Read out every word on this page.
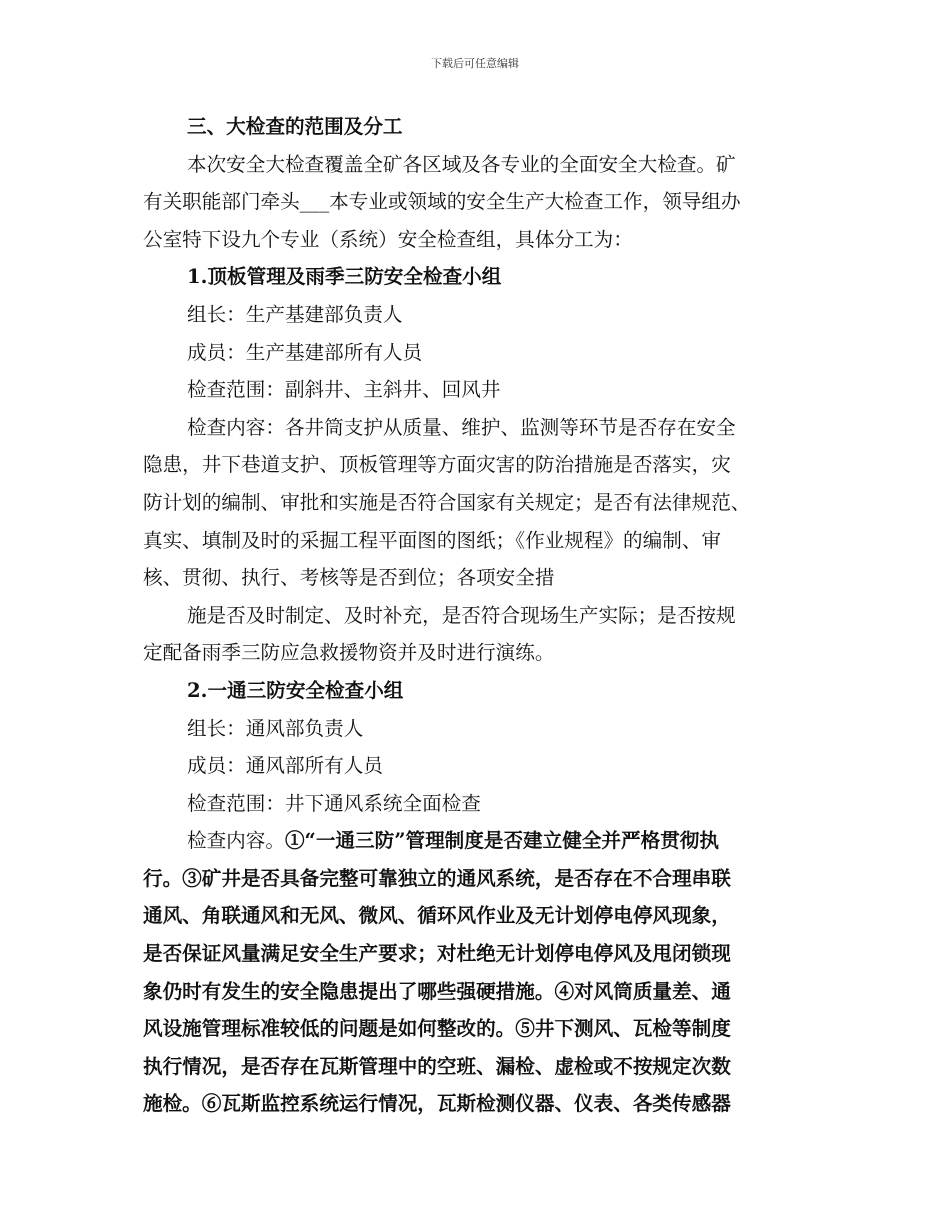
下载后可任意编辑
三、大检查的范围及分工
本次安全大检查覆盖全矿各区域及各专业的全面安全大检查。矿
有关职能部门牵头___本专业或领域的安全生产大检查工作，领导组办
公室特下设九个专业（系统）安全检查组，具体分工为：
1.顶板管理及雨季三防安全检查小组
组长：生产基建部负责人
成员：生产基建部所有人员
检查范围：副斜井、主斜井、回风井
检查内容：各井筒支护从质量、维护、监测等环节是否存在安全
隐患，井下巷道支护、顶板管理等方面灾害的防治措施是否落实，灾
防计划的编制、审批和实施是否符合国家有关规定；是否有法律规范、
真实、填制及时的采掘工程平面图的图纸；《作业规程》的编制、审
核、贯彻、执行、考核等是否到位；各项安全措
施是否及时制定、及时补充，是否符合现场生产实际；是否按规
定配备雨季三防应急救援物资并及时进行演练。
2.一通三防安全检查小组
组长：通风部负责人
成员：通风部所有人员
检查范围：井下通风系统全面检查
检查内容。①“一通三防”管理制度是否建立健全并严格贯彻执
行。③矿井是否具备完整可靠独立的通风系统，是否存在不合理串联
通风、角联通风和无风、微风、循环风作业及无计划停电停风现象，
是否保证风量满足安全生产要求；对杜绝无计划停电停风及甩闭锁现
象仍时有发生的安全隐患提出了哪些强硬措施。④对风筒质量差、通
风设施管理标准较低的问题是如何整改的。⑤井下测风、瓦检等制度
执行情况，是否存在瓦斯管理中的空班、漏检、虚检或不按规定次数
施检。⑥瓦斯监控系统运行情况，瓦斯检测仪器、仪表、各类传感器
